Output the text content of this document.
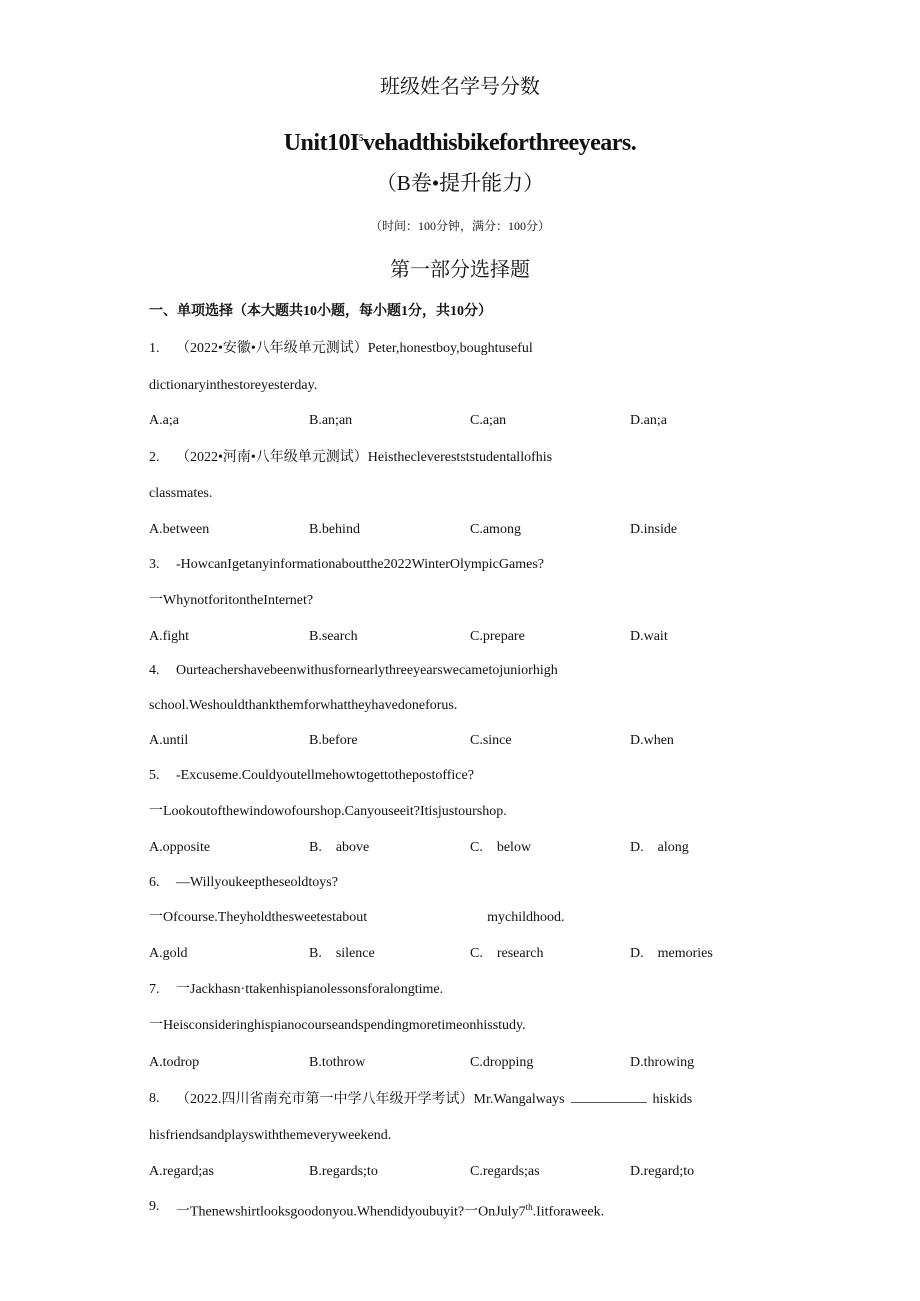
班级姓名学号分数
$Unit10I^5vehadthisbikeforthreeyears$.
（B卷•提升能力）
（时间：100分钟，满分：100分）
第一部分选择题
一、单项选择（本大题共10小题，每小题1分，共10分）
1. （2022•安徽•八年级单元测试）Peter,honestboy,boughtuseful
dictionaryinthestoreyesterday.
A.a;a	B.an;an	C.a;an	D.an;a
2. （2022•河南•八年级单元测试）Heisthecleverestststudentallofhis
classmates.
A.between	B.behind	C.among	D.inside
3. -HowcanIgetanyinformationaboutthe2022WinterOlympicGames?
一WhynotforitontheInternet?
A.fight	B.search	C.prepare	D.wait
4. Ourteachershavebeenwithusfornearlythreeyearswecametojuniorhigh
school.Weshouldthankthemforwhattheyhavedoneforus.
A.until	B.before	C.since	D.when
5. -Excuseme.Couldyoutellmehowtogettothepostoffice?
一Lookoutofthewindowofourshop.Canyouseeit?Itisjustourshop.
A.opposite	B.　above	C.　below	D.　along
6. —Willyoukeeptheseoldtoys?
一Ofcourse.Theyholdthesweetestabout	mychildhood.
A.gold	B.　silence	C.　research	D.　memories
7. 一Jackhasn·ttakenhispianolessonsforalongtime.
一Heisconsideringhispianocourseandspendingmoretimeonhisstudy.
A.todrop	B.tothrow	C.dropping	D.throwing
8. （2022.四川省南充市第一中学八年级开学考试）Mr.Wangalways	hiskids
hisfriendsandplayswiththemeveryweekend.
A.regard;as	B.regards;to	C.regards;as	D.regard;to
9. 一Thenewshirtlooksgoodonyou.Whendidyoubuyit?一OnJuly7th.Iitforaweek.
